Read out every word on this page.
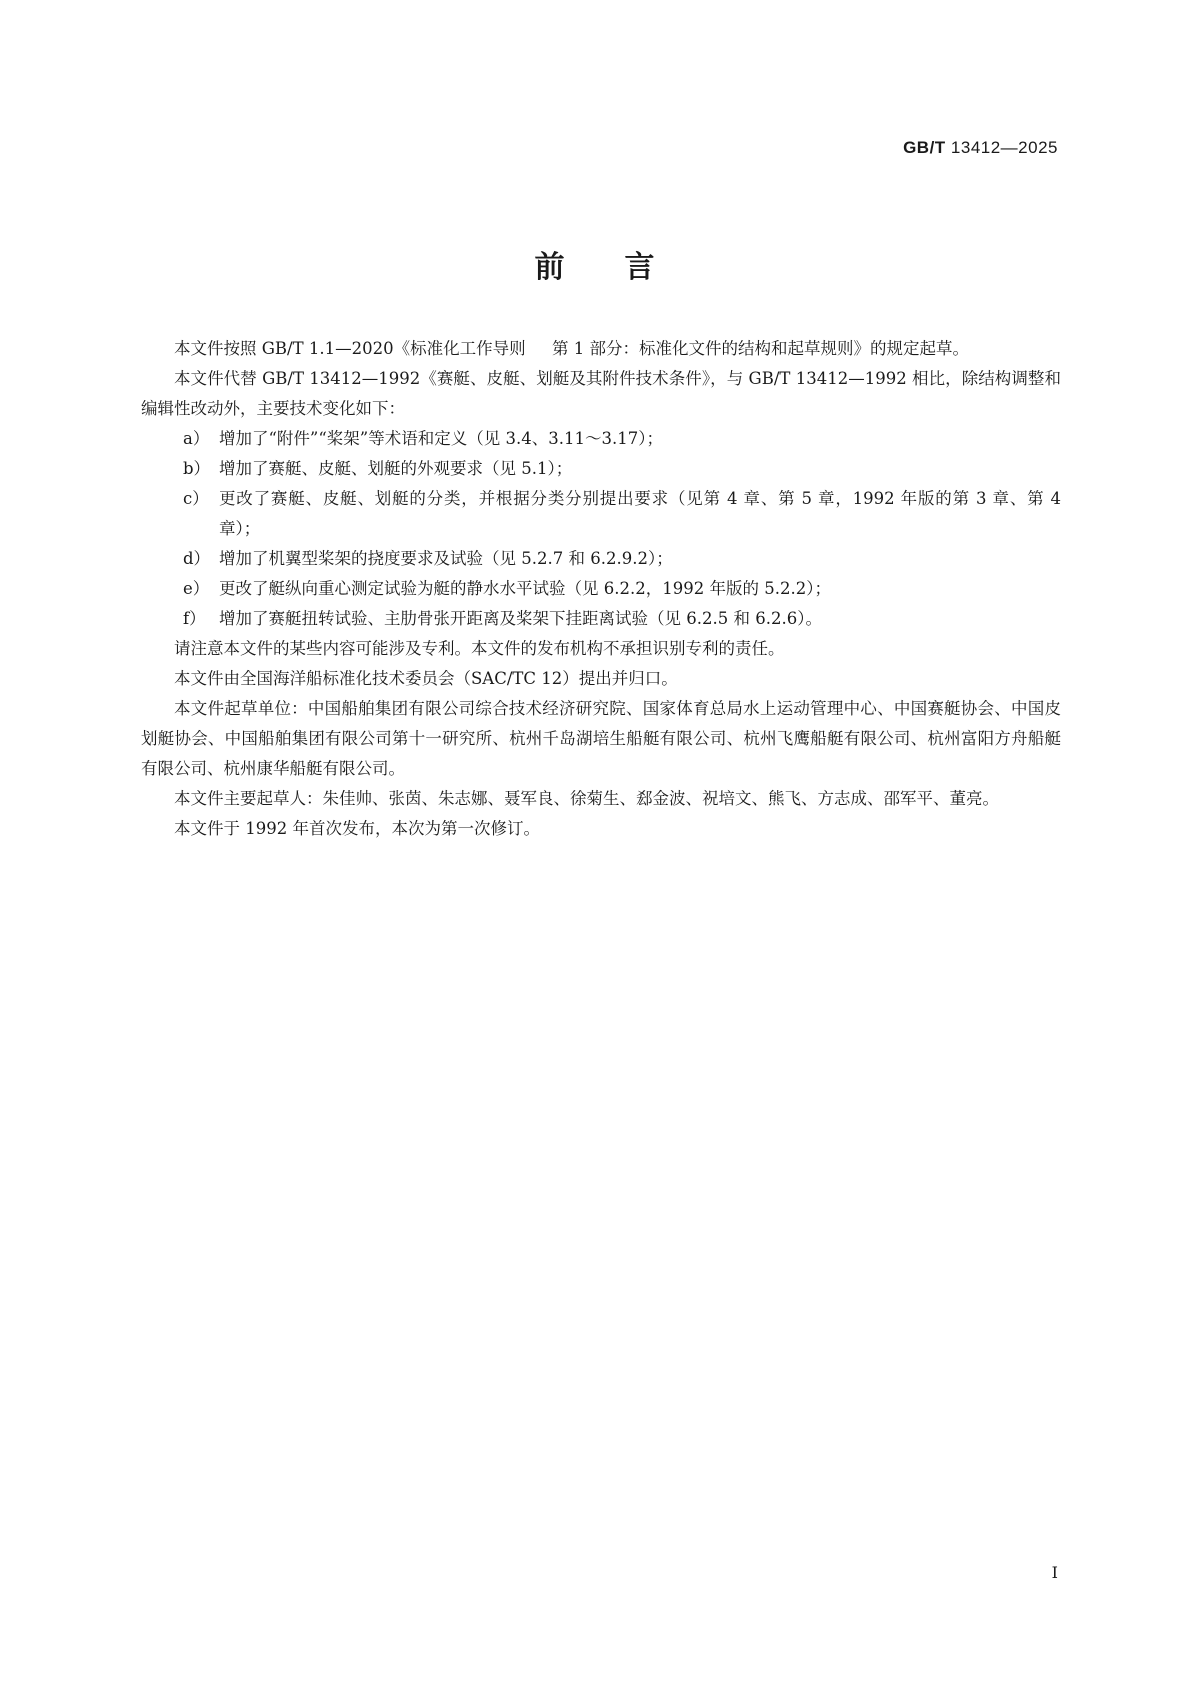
GB/T 13412—2025
前 言

本文件按照 GB/T 1.1—2020《标准化工作导则 第 1 部分：标准化文件的结构和起草规则》的规定起草。

本文件代替 GB/T 13412—1992《赛艇、皮艇、划艇及其附件技术条件》，与 GB/T 13412—1992 相比，除结构调整和编辑性改动外，主要技术变化如下：

a） 增加了“附件”“桨架”等术语和定义（见 3.4、3.11～3.17）；
b） 增加了赛艇、皮艇、划艇的外观要求（见 5.1）；
c） 更改了赛艇、皮艇、划艇的分类，并根据分类分别提出要求（见第 4 章、第 5 章，1992 年版的第 3 章、第 4 章）；
d） 增加了机翼型桨架的挠度要求及试验（见 5.2.7 和 6.2.9.2）；
e） 更改了艇纵向重心测定试验为艇的静水水平试验（见 6.2.2，1992 年版的 5.2.2）；
f） 增加了赛艇扭转试验、主肋骨张开距离及桨架下挂距离试验（见 6.2.5 和 6.2.6）。

请注意本文件的某些内容可能涉及专利。本文件的发布机构不承担识别专利的责任。

本文件由全国海洋船标准化技术委员会（SAC/TC 12）提出并归口。

本文件起草单位：中国船舶集团有限公司综合技术经济研究院、国家体育总局水上运动管理中心、中国赛艇协会、中国皮划艇协会、中国船舶集团有限公司第十一研究所、杭州千岛湖培生船艇有限公司、杭州飞鹰船艇有限公司、杭州富阳方舟船艇有限公司、杭州康华船艇有限公司。

本文件主要起草人：朱佳帅、张茵、朱志娜、聂军良、徐菊生、郄金波、祝培文、熊飞、方志成、邵军平、董亮。

本文件于 1992 年首次发布，本次为第一次修订。

I
